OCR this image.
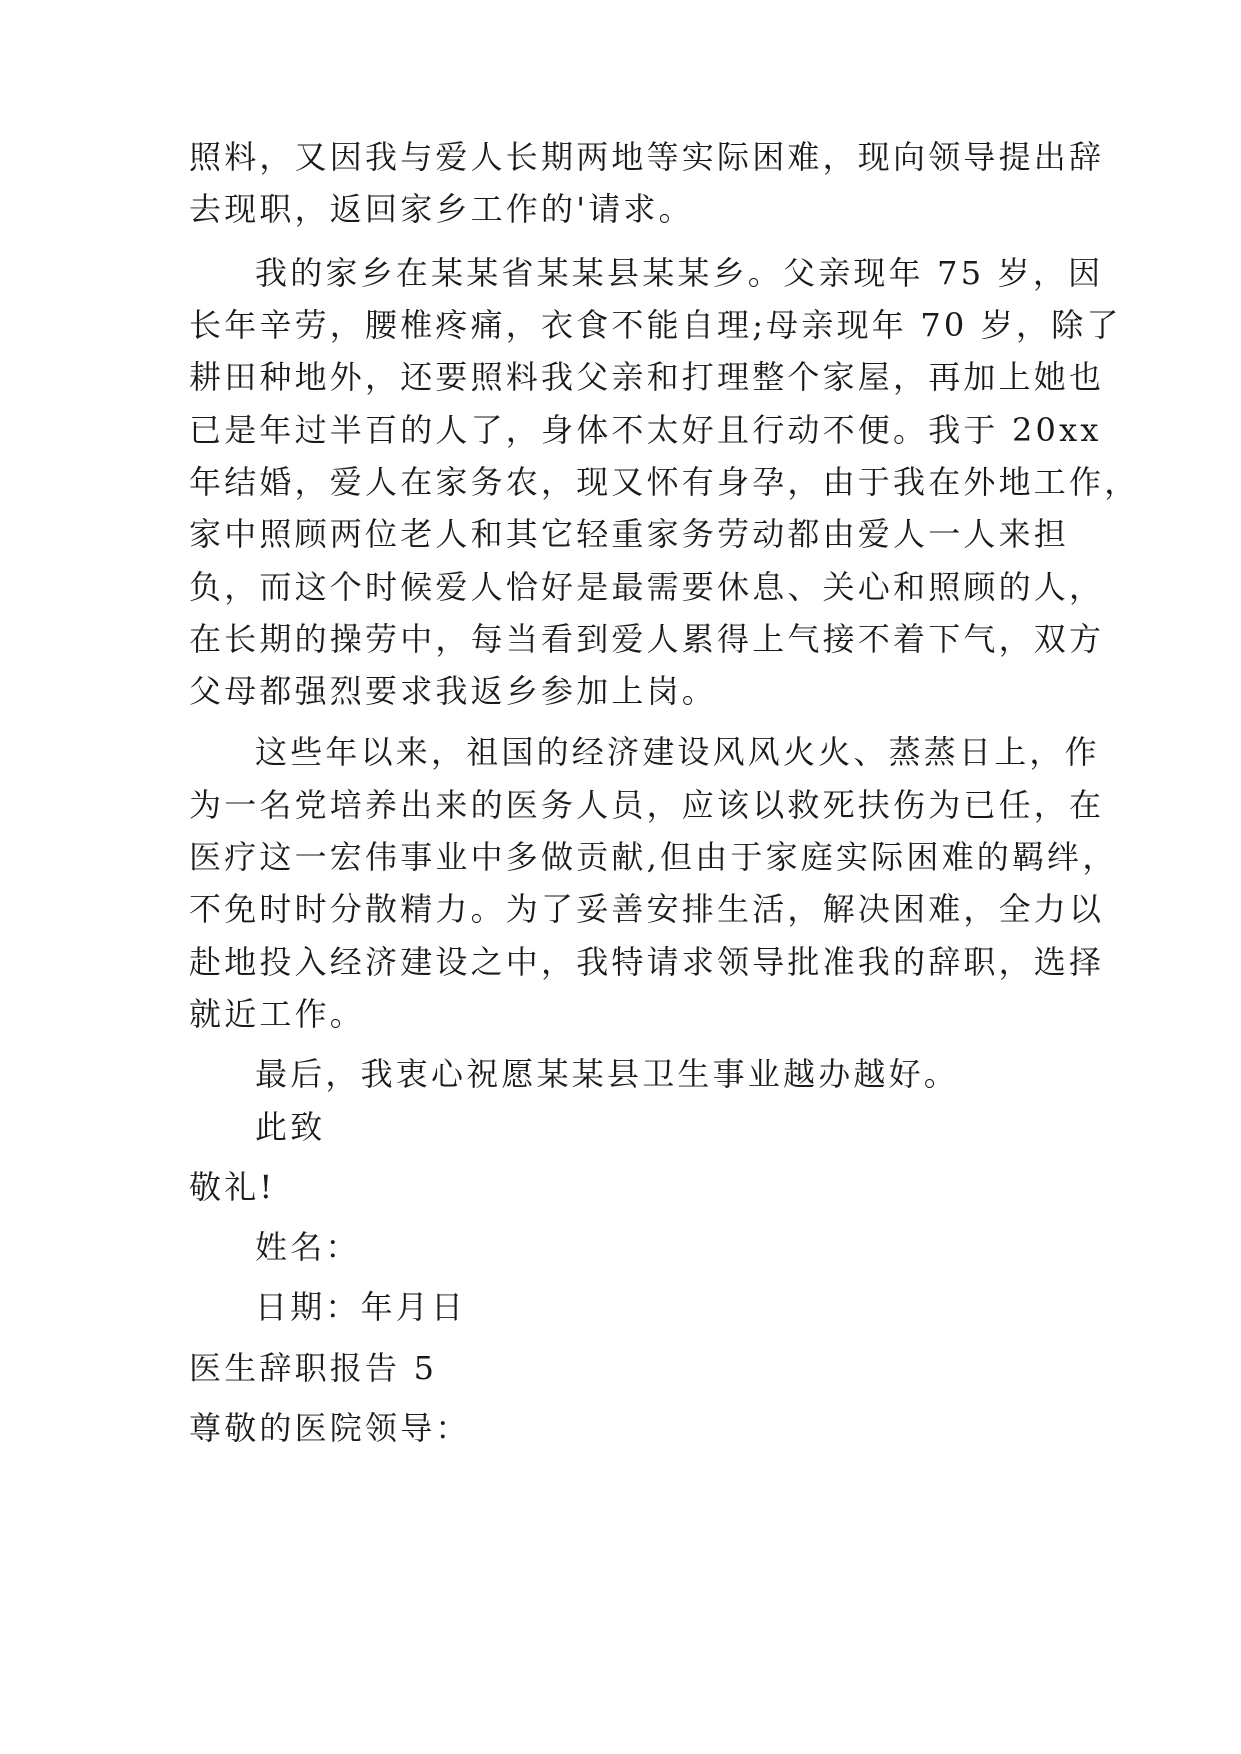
照料，又因我与爱人长期两地等实际困难，现向领导提出辞
去现职，返回家乡工作的'请求。
我的家乡在某某省某某县某某乡。父亲现年 75 岁，因
长年辛劳，腰椎疼痛，衣食不能自理;母亲现年 70 岁，除了
耕田种地外，还要照料我父亲和打理整个家屋，再加上她也
已是年过半百的人了，身体不太好且行动不便。我于 20xx
年结婚，爱人在家务农，现又怀有身孕，由于我在外地工作，
家中照顾两位老人和其它轻重家务劳动都由爱人一人来担
负，而这个时候爱人恰好是最需要休息、关心和照顾的人，
在长期的操劳中，每当看到爱人累得上气接不着下气，双方
父母都强烈要求我返乡参加上岗。
这些年以来，祖国的经济建设风风火火、蒸蒸日上，作
为一名党培养出来的医务人员，应该以救死扶伤为已任，在
医疗这一宏伟事业中多做贡献,但由于家庭实际困难的羁绊，
不免时时分散精力。为了妥善安排生活，解决困难，全力以
赴地投入经济建设之中，我特请求领导批准我的辞职，选择
就近工作。
最后，我衷心祝愿某某县卫生事业越办越好。
此致
敬礼!
姓名：
日期：年月日
医生辞职报告 5
尊敬的医院领导：
